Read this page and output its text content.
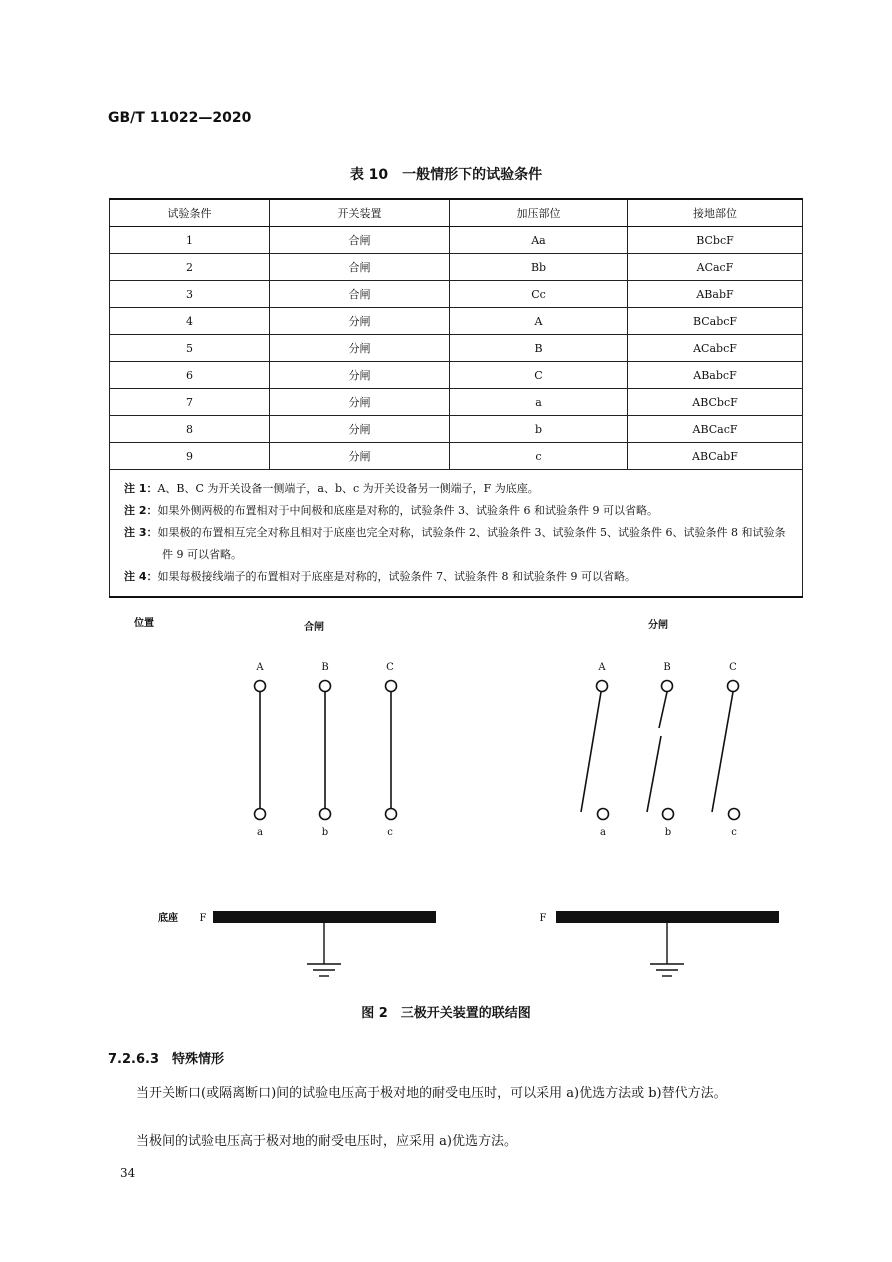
GB/T 11022—2020
表 10　一般情形下的试验条件
试验条件	开关装置	加压部位	接地部位
1	合闸	Aa	BCbcF
2	合闸	Bb	ACacF
3	合闸	Cc	ABabF
4	分闸	A	BCabcF
5	分闸	B	ACabcF
6	分闸	C	ABabcF
7	分闸	a	ABCbcF
8	分闸	b	ABCacF
9	分闸	c	ABCabF

注 1：A、B、C 为开关设备一侧端子，a、b、c 为开关设备另一侧端子，F 为底座。
注 2：如果外侧两极的布置相对于中间极和底座是对称的，试验条件 3、试验条件 6 和试验条件 9 可以省略。
注 3：如果极的布置相互完全对称且相对于底座也完全对称，试验条件 2、试验条件 3、试验条件 5、试验条件 6、试验条件 8 和试验条件 9 可以省略。
注 4：如果每极接线端子的布置相对于底座是对称的，试验条件 7、试验条件 8 和试验条件 9 可以省略。			
位置	合闸	分闸
底座
A	B	C	A	B	C
a	b	c	a	b	c
F	F
图 2　三极开关装置的联结图
7.2.6.3　特殊情形
当开关断口(或隔离断口)间的试验电压高于极对地的耐受电压时，可以采用 a)优选方法或 b)替代方法。
当极间的试验电压高于极对地的耐受电压时，应采用 a)优选方法。
34
